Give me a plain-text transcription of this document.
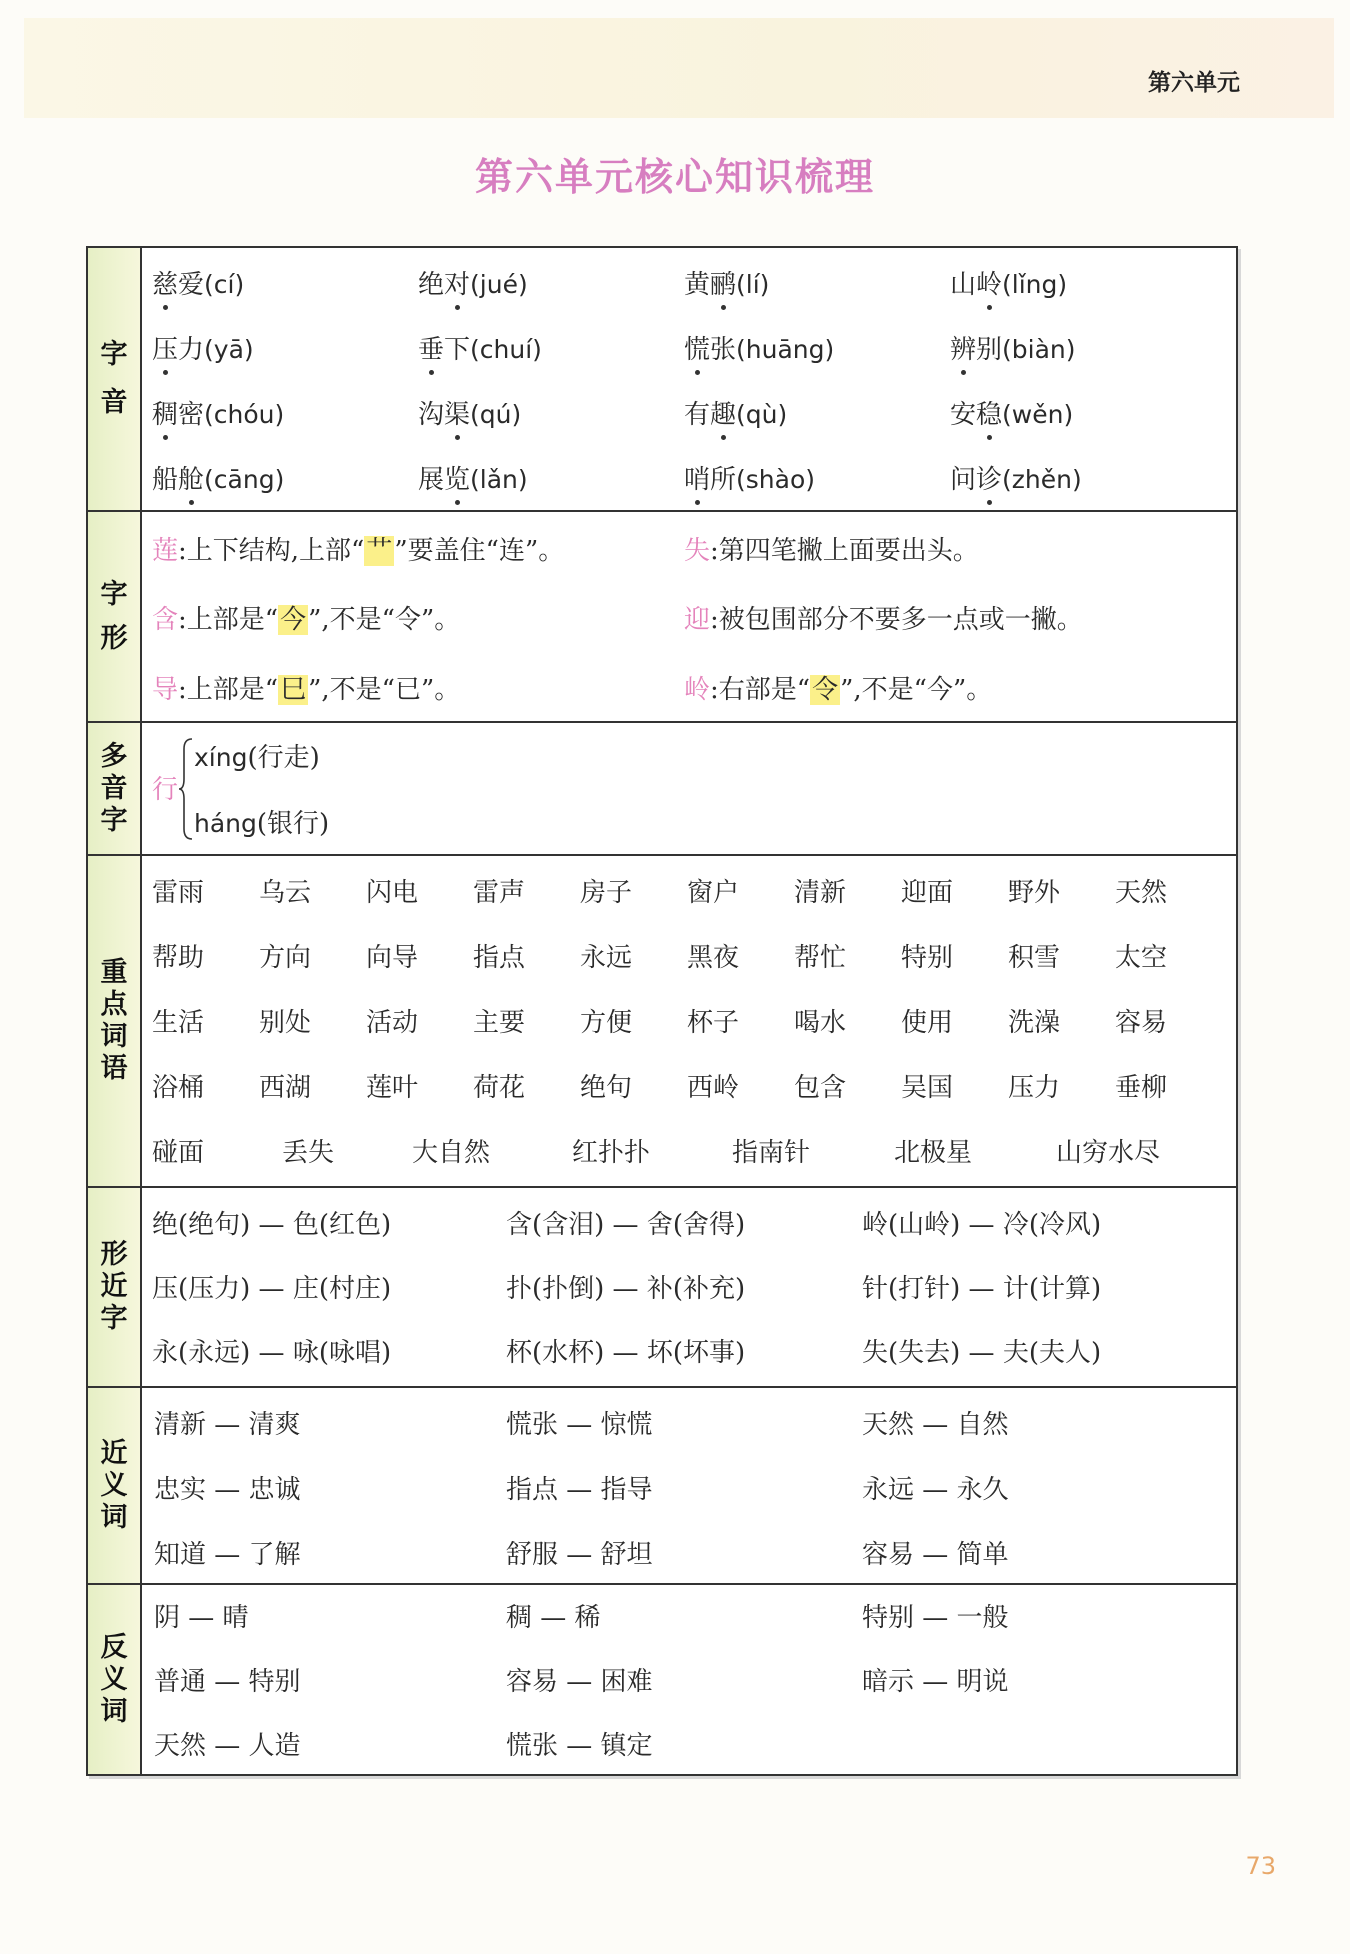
第六单元
第六单元核心知识梳理
字
音
慈爱(cí)	绝对(jué)	黄鹂(lí)	山岭(lǐng)
压力(yā)	垂下(chuí)	慌张(huāng)	辨别(biàn)
稠密(chóu)	沟渠(qú)	有趣(qù)	安稳(wěn)
船舱(cāng)	展览(lǎn)	哨所(shào)	问诊(zhěn)
字
形
莲:上下结构,上部“艹”要盖住“连”。	失:第四笔撇上面要出头。
含:上部是“今”,不是“令”。	迎:被包围部分不要多一点或一撇。
导:上部是“巳”,不是“已”。	岭:右部是“令”,不是“今”。
多
音
字
行
xíng(行走)
háng(银行)
重
点
词
语
雷雨 乌云 闪电 雷声 房子 窗户 清新 迎面 野外 天然
帮助 方向 向导 指点 永远 黑夜 帮忙 特别 积雪 太空
生活 别处 活动 主要 方便 杯子 喝水 使用 洗澡 容易
浴桶 西湖 莲叶 荷花 绝句 西岭 包含 吴国 压力 垂柳
碰面	丢失	大自然	红扑扑	指南针	北极星	山穷水尽
形
近
字
绝(绝句) — 色(红色)	含(含泪) — 舍(舍得)	岭(山岭) — 冷(冷风)
压(压力) — 庄(村庄)	扑(扑倒) — 补(补充)	针(打针) — 计(计算)
永(永远) — 咏(咏唱)	杯(水杯) — 坏(坏事)	失(失去) — 夫(夫人)
近
义
词
清新 — 清爽	慌张 — 惊慌	天然 — 自然
忠实 — 忠诚	指点 — 指导	永远 — 永久
知道 — 了解	舒服 — 舒坦	容易 — 简单
反
义
词
阴 — 晴	稠 — 稀	特别 — 一般
普通 — 特别	容易 — 困难	暗示 — 明说
天然 — 人造	慌张 — 镇定
73
